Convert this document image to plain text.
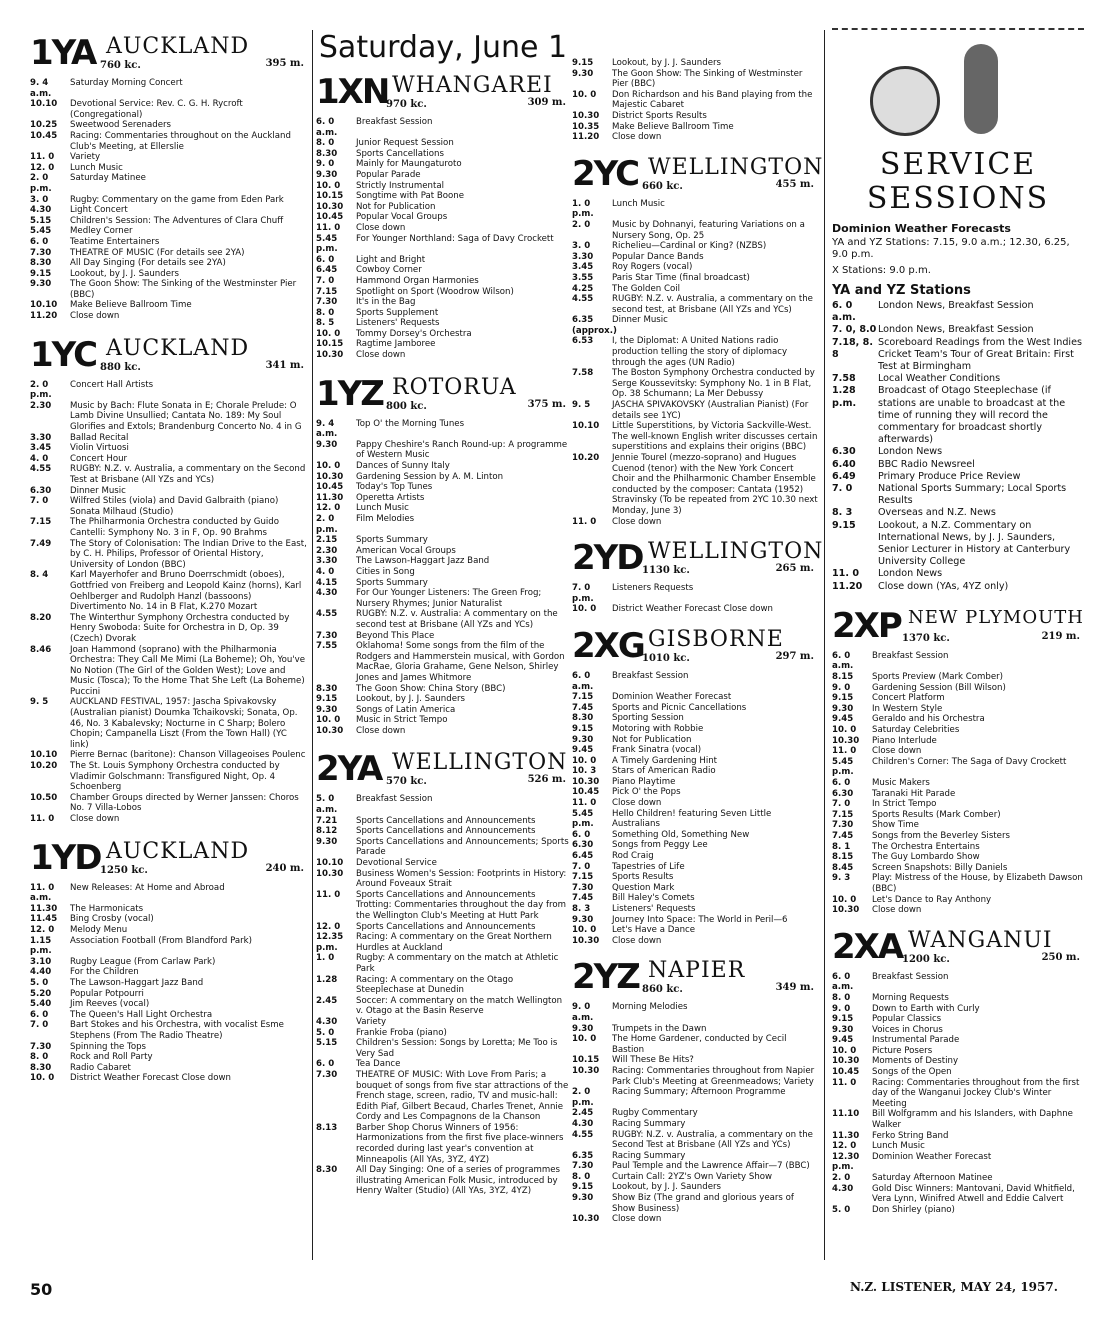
1YA AUCKLAND
760 kc.	395 m.
9. 4 a.m.
Saturday Morning Concert
10.10	Devotional Service: Rev. C. G. H. Rycroft (Congregational)
10.25	Sweetwood Serenaders
10.45	Racing: Commentaries throughout on the Auckland Club's Meeting, at Ellerslie
11. 0	Variety
12. 0	Lunch Music
2. 0 p.m.
Saturday Matinee
3. 0	Rugby: Commentary on the game from Eden Park
4.30	Light Concert
5.15	Children's Session: The Adventures of Clara Chuff
5.45	Medley Corner
6. 0	Teatime Entertainers
7.30	THEATRE OF MUSIC (For details see 2YA)
8.30	All Day Singing (For details see 2YA)
9.15	Lookout, by J. J. Saunders
9.30	The Goon Show: The Sinking of the Westminster Pier (BBC)
10.10	Make Believe Ballroom Time
11.20	Close down
1YC AUCKLAND
880 kc.	341 m.
2. 0 p.m.
Concert Hall Artists
2.30	Music by Bach: Flute Sonata in E; Chorale Prelude: O Lamb Divine Unsullied; Cantata No. 189: My Soul Glorifies and Extols; Brandenburg Concerto No. 4 in G
3.30	Ballad Recital
3.45	Violin Virtuosi
4. 0	Concert Hour
4.55	RUGBY: N.Z. v. Australia, a commentary on the Second Test at Brisbane (All YZs and YCs)
6.30	Dinner Music
7. 0	Wilfred Stiles (viola) and David Galbraith (piano) Sonata Milhaud (Studio)
7.15	The Philharmonia Orchestra conducted by Guido Cantelli: Symphony No. 3 in F, Op. 90 Brahms
7.49	The Story of Colonisation: The Indian Drive to the East, by C. H. Philips, Professor of Oriental History, University of London (BBC)
8. 4	Karl Mayerhofer and Bruno Doerrschmidt (oboes), Gottfried von Freiberg and Leopold Kainz (horns), Karl Oehlberger and Rudolph Hanzl (bassoons) Divertimento No. 14 in B Flat, K.270 Mozart
8.20	The Winterthur Symphony Orchestra conducted by Henry Swoboda: Suite for Orchestra in D, Op. 39 (Czech) Dvorak
8.46	Joan Hammond (soprano) with the Philharmonia Orchestra: They Call Me Mimi (La Boheme); Oh, You've No Notion (The Girl of the Golden West); Love and Music (Tosca); To the Home That She Left (La Boheme) Puccini
9. 5	AUCKLAND FESTIVAL, 1957: Jascha Spivakovsky (Australian pianist) Doumka Tchaikovski; Sonata, Op. 46, No. 3 Kabalevsky; Nocturne in C Sharp; Bolero Chopin; Campanella Liszt (From the Town Hall) (YC link)
10.10	Pierre Bernac (baritone): Chanson Villageoises Poulenc
10.20	The St. Louis Symphony Orchestra conducted by Vladimir Golschmann: Transfigured Night, Op. 4 Schoenberg
10.50	Chamber Groups directed by Werner Janssen: Choros No. 7 Villa-Lobos
11. 0	Close down
1YD AUCKLAND
1250 kc.	240 m.
11. 0 a.m.
New Releases: At Home and Abroad
11.30	The Harmonicats
11.45	Bing Crosby (vocal)
12. 0	Melody Menu
1.15 p.m.
Association Football (From Blandford Park)
3.10	Rugby League (From Carlaw Park)
4.40	For the Children
5. 0	The Lawson-Haggart Jazz Band
5.20	Popular Potpourri
5.40	Jim Reeves (vocal)
6. 0	The Queen's Hall Light Orchestra
7. 0	Bart Stokes and his Orchestra, with vocalist Esme Stephens (From The Radio Theatre)
7.30	Spinning the Tops
8. 0	Rock and Roll Party
8.30	Radio Cabaret
10. 0	District Weather Forecast Close down
Saturday, June 1
1XN WHANGAREI
970 kc.	309 m.
6. 0 a.m.
Breakfast Session
8. 0	Junior Request Session
8.30	Sports Cancellations
9. 0	Mainly for Maungaturoto
9.30	Popular Parade
10. 0	Strictly Instrumental
10.15	Songtime with Pat Boone
10.30	Not for Publication
10.45	Popular Vocal Groups
11. 0	Close down
5.45 p.m.
For Younger Northland: Saga of Davy Crockett
6. 0	Light and Bright
6.45	Cowboy Corner
7. 0	Hammond Organ Harmonies
7.15	Spotlight on Sport (Woodrow Wilson)
7.30	It's in the Bag
8. 0	Sports Supplement
8. 5	Listeners' Requests
10. 0	Tommy Dorsey's Orchestra
10.15	Ragtime Jamboree
10.30	Close down
1YZ ROTORUA
800 kc.	375 m.
9. 4 a.m.
Top O' the Morning Tunes
9.30	Pappy Cheshire's Ranch Round-up: A programme of Western Music
10. 0	Dances of Sunny Italy
10.30	Gardening Session by A. M. Linton
10.45	Today's Top Tunes
11.30	Operetta Artists
12. 0	Lunch Music
2. 0 p.m.
Film Melodies
2.15	Sports Summary
2.30	American Vocal Groups
3.30	The Lawson-Haggart Jazz Band
4. 0	Cities in Song
4.15	Sports Summary
4.30	For Our Younger Listeners: The Green Frog; Nursery Rhymes; Junior Naturalist
4.55	RUGBY: N.Z. v. Australia: A commentary on the second test at Brisbane (All YZs and YCs)
7.30	Beyond This Place
7.55	Oklahoma! Some songs from the film of the Rodgers and Hammerstein musical, with Gordon MacRae, Gloria Grahame, Gene Nelson, Shirley Jones and James Whitmore
8.30	The Goon Show: China Story (BBC)
9.15	Lookout, by J. J. Saunders
9.30	Songs of Latin America
10. 0	Music in Strict Tempo
10.30	Close down
2YA WELLINGTON
570 kc.	526 m.
5. 0 a.m.
Breakfast Session
7.21	Sports Cancellations and Announcements
8.12	Sports Cancellations and Announcements
9.30	Sports Cancellations and Announcements; Sports Parade
10.10	Devotional Service
10.30	Business Women's Session: Footprints in History: Around Foveaux Strait
11. 0	Sports Cancellations and Announcements
Trotting: Commentaries throughout the day from the Wellington Club's Meeting at Hutt Park
12. 0	Sports Cancellations and Announcements
12.35 p.m.
Racing: A commentary on the Great Northern Hurdles at Auckland
1. 0	Rugby: A commentary on the match at Athletic Park
1.28	Racing: A commentary on the Otago Steeplechase at Dunedin
2.45	Soccer: A commentary on the match Wellington v. Otago at the Basin Reserve
4.30	Variety
5. 0	Frankie Froba (piano)
5.15	Children's Session: Songs by Loretta; Me Too is Very Sad
6. 0	Tea Dance
7.30	THEATRE OF MUSIC: With Love From Paris; a bouquet of songs from five star attractions of the French stage, screen, radio, TV and music-hall: Edith Piaf, Gilbert Becaud, Charles Trenet, Annie Cordy and Les Compagnons de la Chanson
8.13	Barber Shop Chorus Winners of 1956: Harmonizations from the first five place-winners recorded during last year's convention at Minneapolis (All YAs, 3YZ, 4YZ)
8.30	All Day Singing: One of a series of programmes illustrating American Folk Music, introduced by Henry Walter (Studio) (All YAs, 3YZ, 4YZ)
9.15	Lookout, by J. J. Saunders
9.30	The Goon Show: The Sinking of Westminster Pier (BBC)
10. 0	Don Richardson and his Band playing from the Majestic Cabaret
10.30	District Sports Results
10.35	Make Believe Ballroom Time
11.20	Close down
2YC WELLINGTON
660 kc.	455 m.
1. 0 p.m.
Lunch Music
2. 0	Music by Dohnanyi, featuring Variations on a Nursery Song, Op. 25
3. 0	Richelieu—Cardinal or King? (NZBS)
3.30	Popular Dance Bands
3.45	Roy Rogers (vocal)
3.55	Paris Star Time (final broadcast)
4.25	The Golden Coil
4.55	RUGBY: N.Z. v. Australia, a commentary on the second test, at Brisbane (All YZs and YCs)
6.35 (approx.)
Dinner Music
6.53	I, the Diplomat: A United Nations radio production telling the story of diplomacy through the ages (UN Radio)
7.58	The Boston Symphony Orchestra conducted by Serge Koussevitsky: Symphony No. 1 in B Flat, Op. 38 Schumann; La Mer Debussy
9. 5	JASCHA SPIVAKOVSKY (Australian Pianist) (For details see 1YC)
10.10	Little Superstitions, by Victoria Sackville-West. The well-known English writer discusses certain superstitions and explains their origins (BBC)
10.20	Jennie Tourel (mezzo-soprano) and Hugues Cuenod (tenor) with the New York Concert Choir and the Philharmonic Chamber Ensemble conducted by the composer: Cantata (1952) Stravinsky (To be repeated from 2YC 10.30 next Monday, June 3)
11. 0	Close down
2YD WELLINGTON
1130 kc.	265 m.
7. 0 p.m.
Listeners Requests
10. 0	District Weather Forecast Close down
2XG GISBORNE
1010 kc.	297 m.
6. 0 a.m.
Breakfast Session
7.15	Dominion Weather Forecast
7.45	Sports and Picnic Cancellations
8.30	Sporting Session
9.15	Motoring with Robbie
9.30	Not for Publication
9.45	Frank Sinatra (vocal)
10. 0	A Timely Gardening Hint
10. 3	Stars of American Radio
10.30	Piano Playtime
10.45	Pick O' the Pops
11. 0	Close down
5.45 p.m.
Hello Children! featuring Seven Little Australians
6. 0	Something Old, Something New
6.30	Songs from Peggy Lee
6.45	Rod Craig
7. 0	Tapestries of Life
7.15	Sports Results
7.30	Question Mark
7.45	Bill Haley's Comets
8. 3	Listeners' Requests
9.30	Journey Into Space: The World in Peril—6
10. 0	Let's Have a Dance
10.30	Close down
2YZ NAPIER
860 kc.	349 m.
9. 0 a.m.
Morning Melodies
9.30	Trumpets in the Dawn
10. 0	The Home Gardener, conducted by Cecil Bastion
10.15	Will These Be Hits?
10.30	Racing: Commentaries throughout from Napier Park Club's Meeting at Greenmeadows; Variety
2. 0 p.m.
Racing Summary; Afternoon Programme
2.45	Rugby Commentary
4.30	Racing Summary
4.55	RUGBY: N.Z. v. Australia, a commentary on the Second Test at Brisbane (All YZs and YCs)
6.35	Racing Summary
7.30	Paul Temple and the Lawrence Affair—7 (BBC)
8. 0	Curtain Call: 2YZ's Own Variety Show
9.15	Lookout, by J. J. Saunders
9.30	Show Biz (The grand and glorious years of Show Business)
10.30	Close down
SERVICE
SESSIONS
Dominion Weather Forecasts

YA and YZ Stations: 7.15, 9.0 a.m.; 12.30, 6.25, 9.0 p.m.

X Stations: 9.0 p.m.

YA and YZ Stations
6. 0 a.m.
London News, Breakfast Session
7. 0, 8.0 London News, Breakfast Session
7.18, 8. 8
Scoreboard Readings from the West Indies Cricket Team's Tour of Great Britain: First Test at Birmingham
7.58	Local Weather Conditions
1.28 p.m.
Broadcast of Otago Steeplechase (if stations are unable to broadcast at the time of running they will record the commentary for broadcast shortly afterwards)
6.30	London News
6.40	BBC Radio Newsreel
6.49	Primary Produce Price Review
7. 0	National Sports Summary; Local Sports Results
8. 3	Overseas and N.Z. News
9.15	Lookout, a N.Z. Commentary on International News, by J. J. Saunders, Senior Lecturer in History at Canterbury University College
11. 0	London News
11.20	Close down (YAs, 4YZ only)
2XP NEW PLYMOUTH
1370 kc.	219 m.
6. 0 a.m.
Breakfast Session
8.15	Sports Preview (Mark Comber)
9. 0	Gardening Session (Bill Wilson)
9.15	Concert Platform
9.30	In Western Style
9.45	Geraldo and his Orchestra
10. 0	Saturday Celebrities
10.30	Piano Interlude
11. 0	Close down
5.45 p.m.
Children's Corner: The Saga of Davy Crockett
6. 0	Music Makers
6.30	Taranaki Hit Parade
7. 0	In Strict Tempo
7.15	Sports Results (Mark Comber)
7.30	Show Time
7.45	Songs from the Beverley Sisters
8. 1	The Orchestra Entertains
8.15	The Guy Lombardo Show
8.45	Screen Snapshots: Billy Daniels
9. 3	Play: Mistress of the House, by Elizabeth Dawson (BBC)
10. 0	Let's Dance to Ray Anthony
10.30	Close down
2XA WANGANUI
1200 kc.	250 m.
6. 0 a.m.
Breakfast Session
8. 0	Morning Requests
9. 0	Down to Earth with Curly
9.15	Popular Classics
9.30	Voices in Chorus
9.45	Instrumental Parade
10. 0	Picture Posers
10.30	Moments of Destiny
10.45	Songs of the Open
11. 0	Racing: Commentaries throughout from the first day of the Wanganui Jockey Club's Winter Meeting
11.10	Bill Wolfgramm and his Islanders, with Daphne Walker
11.30	Ferko String Band
12. 0	Lunch Music
12.30 p.m.
Dominion Weather Forecast
2. 0	Saturday Afternoon Matinee
4.30	Gold Disc Winners: Mantovani, David Whitfield, Vera Lynn, Winifred Atwell and Eddie Calvert
5. 0	Don Shirley (piano)
50	N.Z. LISTENER, MAY 24, 1957.
